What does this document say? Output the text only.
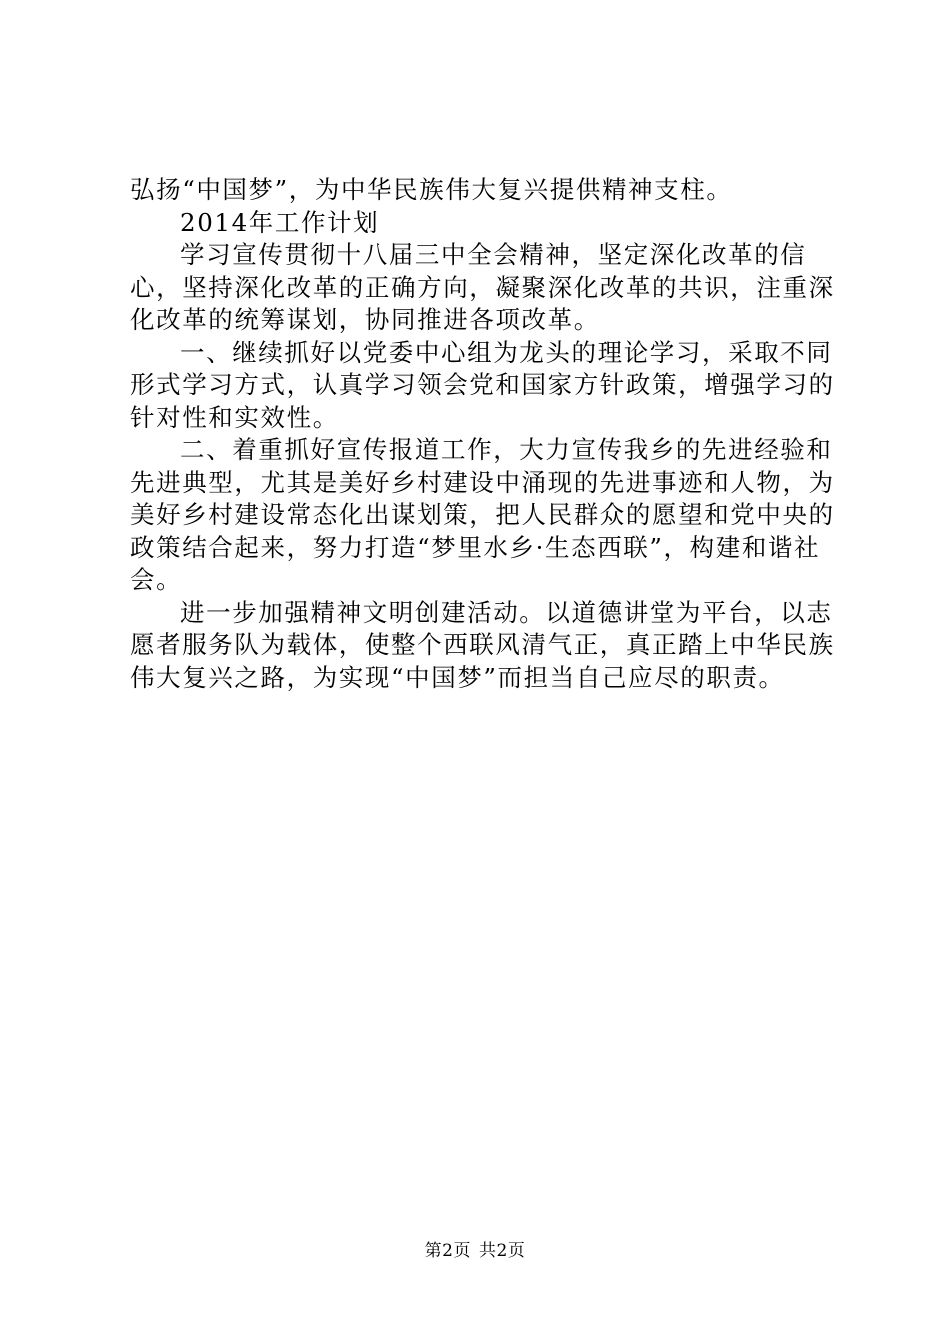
弘扬“中国梦”，为中华民族伟大复兴提供精神支柱。

2014年工作计划

学习宣传贯彻十八届三中全会精神，坚定深化改革的信心，坚持深化改革的正确方向，凝聚深化改革的共识，注重深化改革的统筹谋划，协同推进各项改革。

一、继续抓好以党委中心组为龙头的理论学习，采取不同形式学习方式，认真学习领会党和国家方针政策，增强学习的针对性和实效性。

二、着重抓好宣传报道工作，大力宣传我乡的先进经验和先进典型，尤其是美好乡村建设中涌现的先进事迹和人物，为美好乡村建设常态化出谋划策，把人民群众的愿望和党中央的政策结合起来，努力打造“梦里水乡·生态西联”，构建和谐社会。

进一步加强精神文明创建活动。以道德讲堂为平台，以志愿者服务队为载体，使整个西联风清气正，真正踏上中华民族伟大复兴之路，为实现“中国梦”而担当自己应尽的职责。

第2页 共2页
